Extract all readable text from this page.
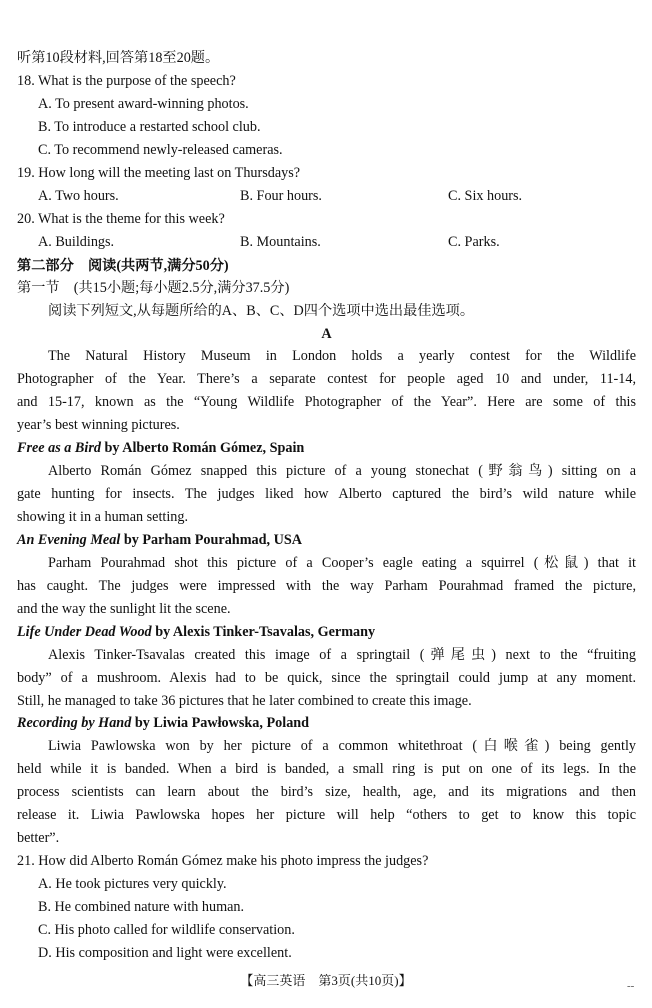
听第10段材料,回答第18至20题。
18. What is the purpose of the speech?
A. To present award-winning photos.
B. To introduce a restarted school club.
C. To recommend newly-released cameras.
19. How long will the meeting last on Thursdays?
A. Two hours.	B. Four hours.	C. Six hours.
20. What is the theme for this week?
A. Buildings.	B. Mountains.	C. Parks.
第二部分　阅读(共两节,满分50分)
第一节　(共15小题;每小题2.5分,满分37.5分)
阅读下列短文,从每题所给的A、B、C、D四个选项中选出最佳选项。
A
The Natural History Museum in London holds a yearly contest for the Wildlife
Photographer of the Year. There’s a separate contest for people aged 10 and under, 11-14,
and 15-17, known as the “Young Wildlife Photographer of the Year”. Here are some of this
year’s best winning pictures.
Free as a Bird by Alberto Román Gómez, Spain
Alberto Román Gómez snapped this picture of a young stonechat (野翁鸟) sitting on a
gate hunting for insects. The judges liked how Alberto captured the bird’s wild nature while
showing it in a human setting.
An Evening Meal by Parham Pourahmad, USA
Parham Pourahmad shot this picture of a Cooper’s eagle eating a squirrel (松鼠) that it
has caught. The judges were impressed with the way Parham Pourahmad framed the picture,
and the way the sunlight lit the scene.
Life Under Dead Wood by Alexis Tinker-Tsavalas, Germany
Alexis Tinker-Tsavalas created this image of a springtail (弹尾虫) next to the “fruiting
body” of a mushroom. Alexis had to be quick, since the springtail could jump at any moment.
Still, he managed to take 36 pictures that he later combined to create this image.
Recording by Hand by Liwia Pawłowska, Poland
Liwia Pawlowska won by her picture of a common whitethroat (白喉雀) being gently
held while it is banded. When a bird is banded, a small ring is put on one of its legs. In the
process scientists can learn about the bird’s size, health, age, and its migrations and then
release it. Liwia Pawlowska hopes her picture will help “others to get to know this topic
better”.
21. How did Alberto Román Gómez make his photo impress the judges?
A. He took pictures very quickly.
B. He combined nature with human.
C. His photo called for wildlife conservation.
D. His composition and light were excellent.
【高三英语　第3页(共10页)】	--
